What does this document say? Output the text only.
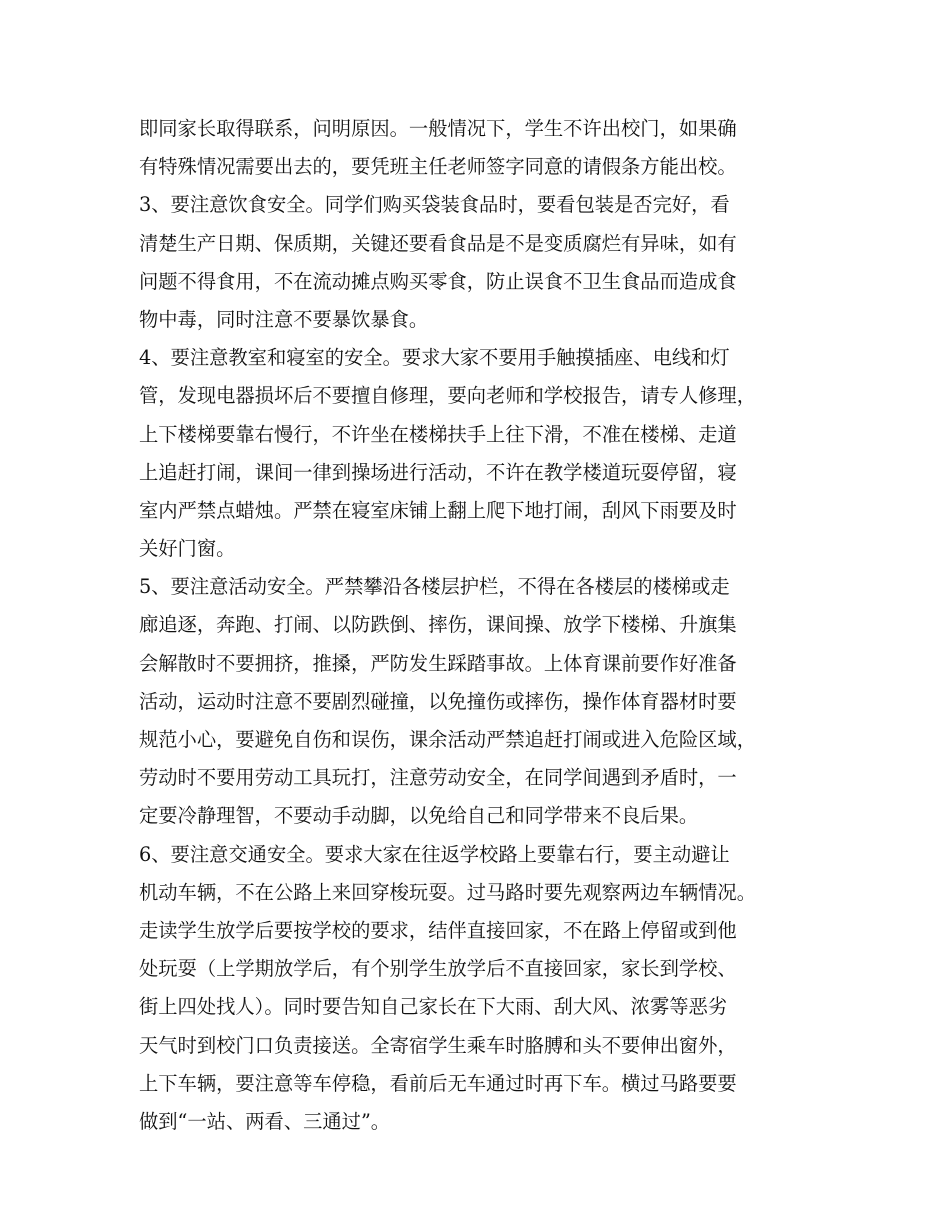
即同家长取得联系，问明原因。一般情况下，学生不许出校门，如果确
有特殊情况需要出去的，要凭班主任老师签字同意的请假条方能出校。
3、要注意饮食安全。同学们购买袋装食品时，要看包装是否完好，看
清楚生产日期、保质期，关键还要看食品是不是变质腐烂有异味，如有
问题不得食用，不在流动摊点购买零食，防止误食不卫生食品而造成食
物中毒，同时注意不要暴饮暴食。
4、要注意教室和寝室的安全。要求大家不要用手触摸插座、电线和灯
管，发现电器损坏后不要擅自修理，要向老师和学校报告，请专人修理，
上下楼梯要靠右慢行，不许坐在楼梯扶手上往下滑，不准在楼梯、走道
上追赶打闹，课间一律到操场进行活动，不许在教学楼道玩耍停留，寝
室内严禁点蜡烛。严禁在寝室床铺上翻上爬下地打闹，刮风下雨要及时
关好门窗。
5、要注意活动安全。严禁攀沿各楼层护栏，不得在各楼层的楼梯或走
廊追逐，奔跑、打闹、以防跌倒、摔伤，课间操、放学下楼梯、升旗集
会解散时不要拥挤，推搡，严防发生踩踏事故。上体育课前要作好准备
活动，运动时注意不要剧烈碰撞，以免撞伤或摔伤，操作体育器材时要
规范小心，要避免自伤和误伤，课余活动严禁追赶打闹或进入危险区域，
劳动时不要用劳动工具玩打，注意劳动安全，在同学间遇到矛盾时，一
定要冷静理智，不要动手动脚，以免给自己和同学带来不良后果。
6、要注意交通安全。要求大家在往返学校路上要靠右行，要主动避让
机动车辆，不在公路上来回穿梭玩耍。过马路时要先观察两边车辆情况。
走读学生放学后要按学校的要求，结伴直接回家，不在路上停留或到他
处玩耍（上学期放学后，有个别学生放学后不直接回家，家长到学校、
街上四处找人）。同时要告知自己家长在下大雨、刮大风、浓雾等恶劣
天气时到校门口负责接送。全寄宿学生乘车时胳膊和头不要伸出窗外，
上下车辆，要注意等车停稳，看前后无车通过时再下车。横过马路要要
做到“一站、两看、三通过”。
